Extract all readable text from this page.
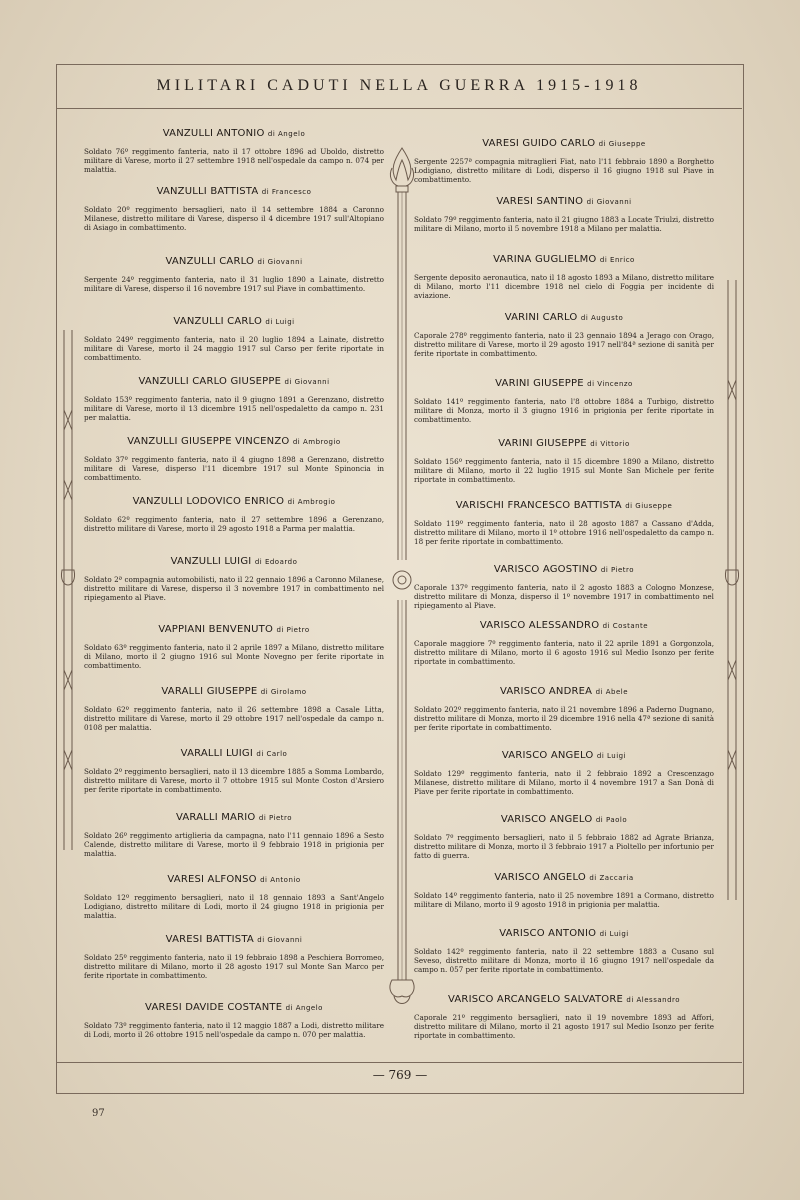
MILITARI CADUTI NELLA GUERRA 1915-1918
VANZULLI ANTONIO di Angelo
Soldato 76º reggimento fanteria, nato il 17 ottobre 1896 ad Uboldo, distretto militare di Varese, morto il 27 settembre 1918 nell'ospedale da campo n. 074 per malattia.
VANZULLI BATTISTA di Francesco
Soldato 20º reggimento bersaglieri, nato il 14 settembre 1884 a Caronno Milanese, distretto militare di Varese, disperso il 4 dicembre 1917 sull'Altopiano di Asiago in combattimento.
VANZULLI CARLO di Giovanni
Sergente 24º reggimento fanteria, nato il 31 luglio 1890 a Lainate, distretto militare di Varese, disperso il 16 novembre 1917 sul Piave in combattimento.
VANZULLI CARLO di Luigi
Soldato 249º reggimento fanteria, nato il 20 luglio 1894 a Lainate, distretto militare di Varese, morto il 24 maggio 1917 sul Carso per ferite riportate in combattimento.
VANZULLI CARLO GIUSEPPE di Giovanni
Soldato 153º reggimento fanteria, nato il 9 giugno 1891 a Gerenzano, distretto militare di Varese, morto il 13 dicembre 1915 nell'ospedaletto da campo n. 231 per malattia.
VANZULLI GIUSEPPE VINCENZO di Ambrogio
Soldato 37º reggimento fanteria, nato il 4 giugno 1898 a Gerenzano, distretto militare di Varese, disperso l'11 dicembre 1917 sul Monte Spinoncia in combattimento.
VANZULLI LODOVICO ENRICO di Ambrogio
Soldato 62º reggimento fanteria, nato il 27 settembre 1896 a Gerenzano, distretto militare di Varese, morto il 29 agosto 1918 a Parma per malattia.
VANZULLI LUIGI di Edoardo
Soldato 2ª compagnia automobilisti, nato il 22 gennaio 1896 a Caronno Milanese, distretto militare di Varese, disperso il 3 novembre 1917 in combattimento nel ripiegamento al Piave.
VAPPIANI BENVENUTO di Pietro
Soldato 63º reggimento fanteria, nato il 2 aprile 1897 a Milano, distretto militare di Milano, morto il 2 giugno 1916 sul Monte Novegno per ferite riportate in combattimento.
VARALLI GIUSEPPE di Girolamo
Soldato 62º reggimento fanteria, nato il 26 settembre 1898 a Casale Litta, distretto militare di Varese, morto il 29 ottobre 1917 nell'ospedale da campo n. 0108 per malattia.
VARALLI LUIGI di Carlo
Soldato 2º reggimento bersaglieri, nato il 13 dicembre 1885 a Somma Lombardo, distretto militare di Varese, morto il 7 ottobre 1915 sul Monte Coston d'Arsiero per ferite riportate in combattimento.
VARALLI MARIO di Pietro
Soldato 26º reggimento artiglieria da campagna, nato l'11 gennaio 1896 a Sesto Calende, distretto militare di Varese, morto il 9 febbraio 1918 in prigionia per malattia.
VARESI ALFONSO di Antonio
Soldato 12º reggimento bersaglieri, nato il 18 gennaio 1893 a Sant'Angelo Lodigiano, distretto militare di Lodi, morto il 24 giugno 1918 in prigionia per malattia.
VARESI BATTISTA di Giovanni
Soldato 25º reggimento fanteria, nato il 19 febbraio 1898 a Peschiera Borromeo, distretto militare di Milano, morto il 28 agosto 1917 sul Monte San Marco per ferite riportate in combattimento.
VARESI DAVIDE COSTANTE di Angelo
Soldato 73º reggimento fanteria, nato il 12 maggio 1887 a Lodi, distretto militare di Lodi, morto il 26 ottobre 1915 nell'ospedale da campo n. 070 per malattia.
VARESI GUIDO CARLO di Giuseppe
Sergente 2257ª compagnia mitraglieri Fiat, nato l'11 febbraio 1890 a Borghetto Lodigiano, distretto militare di Lodi, disperso il 16 giugno 1918 sul Piave in combattimento.
VARESI SANTINO di Giovanni
Soldato 79º reggimento fanteria, nato il 21 giugno 1883 a Locate Triulzi, distretto militare di Milano, morto il 5 novembre 1918 a Milano per malattia.
VARINA GUGLIELMO di Enrico
Sergente deposito aeronautica, nato il 18 agosto 1893 a Milano, distretto militare di Milano, morto l'11 dicembre 1918 nel cielo di Foggia per incidente di aviazione.
VARINI CARLO di Augusto
Caporale 278º reggimento fanteria, nato il 23 gennaio 1894 a Jerago con Orago, distretto militare di Varese, morto il 29 agosto 1917 nell'84ª sezione di sanità per ferite riportate in combattimento.
VARINI GIUSEPPE di Vincenzo
Soldato 141º reggimento fanteria, nato l'8 ottobre 1884 a Turbigo, distretto militare di Monza, morto il 3 giugno 1916 in prigionia per ferite riportate in combattimento.
VARINI GIUSEPPE di Vittorio
Soldato 156º reggimento fanteria, nato il 15 dicembre 1890 a Milano, distretto militare di Milano, morto il 22 luglio 1915 sul Monte San Michele per ferite riportate in combattimento.
VARISCHI FRANCESCO BATTISTA di Giuseppe
Soldato 119º reggimento fanteria, nato il 28 agosto 1887 a Cassano d'Adda, distretto militare di Milano, morto il 1º ottobre 1916 nell'ospedaletto da campo n. 18 per ferite riportate in combattimento.
VARISCO AGOSTINO di Pietro
Caporale 137º reggimento fanteria, nato il 2 agosto 1883 a Cologno Monzese, distretto militare di Monza, disperso il 1º novembre 1917 in combattimento nel ripiegamento al Piave.
VARISCO ALESSANDRO di Costante
Caporale maggiore 7º reggimento fanteria, nato il 22 aprile 1891 a Gorgonzola, distretto militare di Milano, morto il 6 agosto 1916 sul Medio Isonzo per ferite riportate in combattimento.
VARISCO ANDREA di Abele
Soldato 202º reggimento fanteria, nato il 21 novembre 1896 a Paderno Dugnano, distretto militare di Monza, morto il 29 dicembre 1916 nella 47ª sezione di sanità per ferite riportate in combattimento.
VARISCO ANGELO di Luigi
Soldato 129º reggimento fanteria, nato il 2 febbraio 1892 a Crescenzago Milanese, distretto militare di Milano, morto il 4 novembre 1917 a San Donà di Piave per ferite riportate in combattimento.
VARISCO ANGELO di Paolo
Soldato 7º reggimento bersaglieri, nato il 5 febbraio 1882 ad Agrate Brianza, distretto militare di Monza, morto il 3 febbraio 1917 a Pioltello per infortunio per fatto di guerra.
VARISCO ANGELO di Zaccaria
Soldato 14º reggimento fanteria, nato il 25 novembre 1891 a Cormano, distretto militare di Milano, morto il 9 agosto 1918 in prigionia per malattia.
VARISCO ANTONIO di Luigi
Soldato 142º reggimento fanteria, nato il 22 settembre 1883 a Cusano sul Seveso, distretto militare di Monza, morto il 16 giugno 1917 nell'ospedale da campo n. 057 per ferite riportate in combattimento.
VARISCO ARCANGELO SALVATORE di Alessandro
Caporale 21º reggimento bersaglieri, nato il 19 novembre 1893 ad Affori, distretto militare di Milano, morto il 21 agosto 1917 sul Medio Isonzo per ferite riportate in combattimento.
— 769 —
97
